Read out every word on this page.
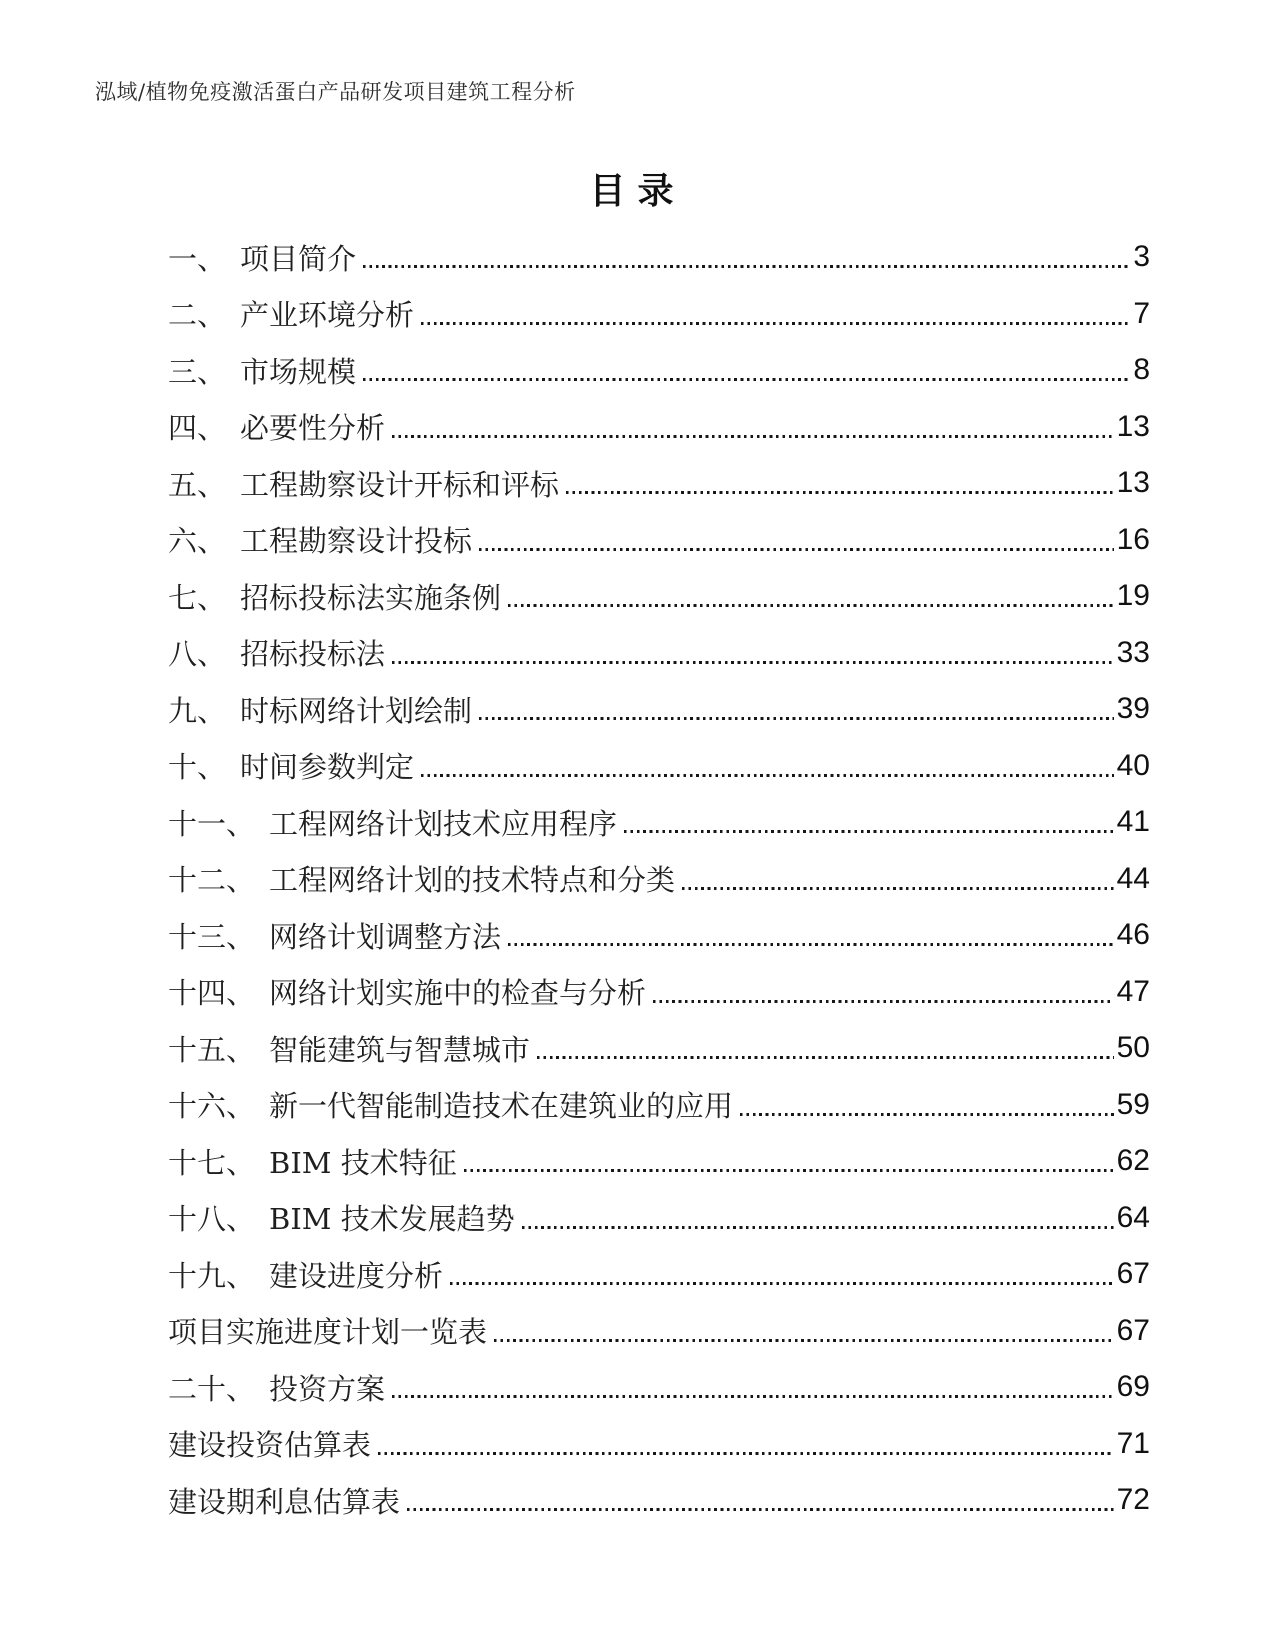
泓域/植物免疫激活蛋白产品研发项目建筑工程分析
目录
一、 项目简介	3
二、 产业环境分析	7
三、 市场规模	8
四、 必要性分析	13
五、 工程勘察设计开标和评标	13
六、 工程勘察设计投标	16
七、 招标投标法实施条例	19
八、 招标投标法	33
九、 时标网络计划绘制	39
十、 时间参数判定	40
十一、 工程网络计划技术应用程序	41
十二、 工程网络计划的技术特点和分类	44
十三、 网络计划调整方法	46
十四、 网络计划实施中的检查与分析	47
十五、 智能建筑与智慧城市	50
十六、 新一代智能制造技术在建筑业的应用	59
十七、 BIM 技术特征	62
十八、 BIM 技术发展趋势	64
十九、 建设进度分析	67
项目实施进度计划一览表	67
二十、 投资方案	69
建设投资估算表	71
建设期利息估算表	72
